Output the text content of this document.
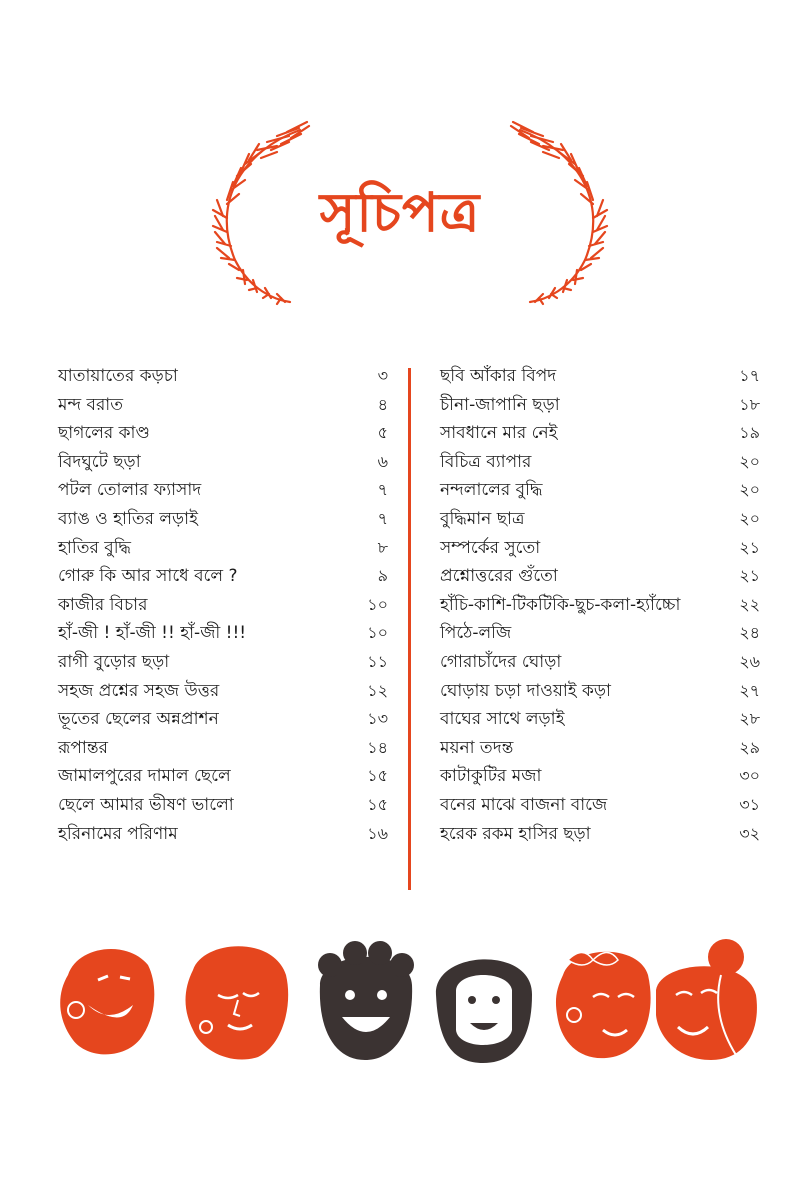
সূচিপত্র
যাতায়াতের কড়চা	৩
মন্দ বরাত	৪
ছাগলের কাণ্ড	৫
বিদঘুটে ছড়া	৬
পটল তোলার ফ্যাসাদ	৭
ব্যাঙ ও হাতির লড়াই	৭
হাতির বুদ্ধি	৮
গোরু কি আর সাধে বলে ?	৯
কাজীর বিচার	১০
হাঁ-জী ! হাঁ-জী !! হাঁ-জী !!!	১০
রাগী বুড়োর ছড়া	১১
সহজ প্রশ্নের সহজ উত্তর	১২
ভূতের ছেলের অন্নপ্রাশন	১৩
রূপান্তর	১৪
জামালপুরের দামাল ছেলে	১৫
ছেলে আমার ভীষণ ভালো	১৫
হরিনামের পরিণাম	১৬
ছবি আঁকার বিপদ	১৭
চীনা-জাপানি ছড়া	১৮
সাবধানে মার নেই	১৯
বিচিত্র ব্যাপার	২০
নন্দলালের বুদ্ধি	২০
বুদ্ধিমান ছাত্র	২০
সম্পর্কের সুতো	২১
প্রশ্নোত্তরের গুঁতো	২১
হাঁচি-কাশি-টিকটিকি-ছুচ-কলা-হ্যাঁচ্চো	২২
পিঠে-লজি	২৪
গোরাচাঁদের ঘোড়া	২৬
ঘোড়ায় চড়া দাওয়াই কড়া	২৭
বাঘের সাথে লড়াই	২৮
ময়না তদন্ত	২৯
কাটাকুটির মজা	৩০
বনের মাঝে বাজনা বাজে	৩১
হরেক রকম হাসির ছড়া	৩২
